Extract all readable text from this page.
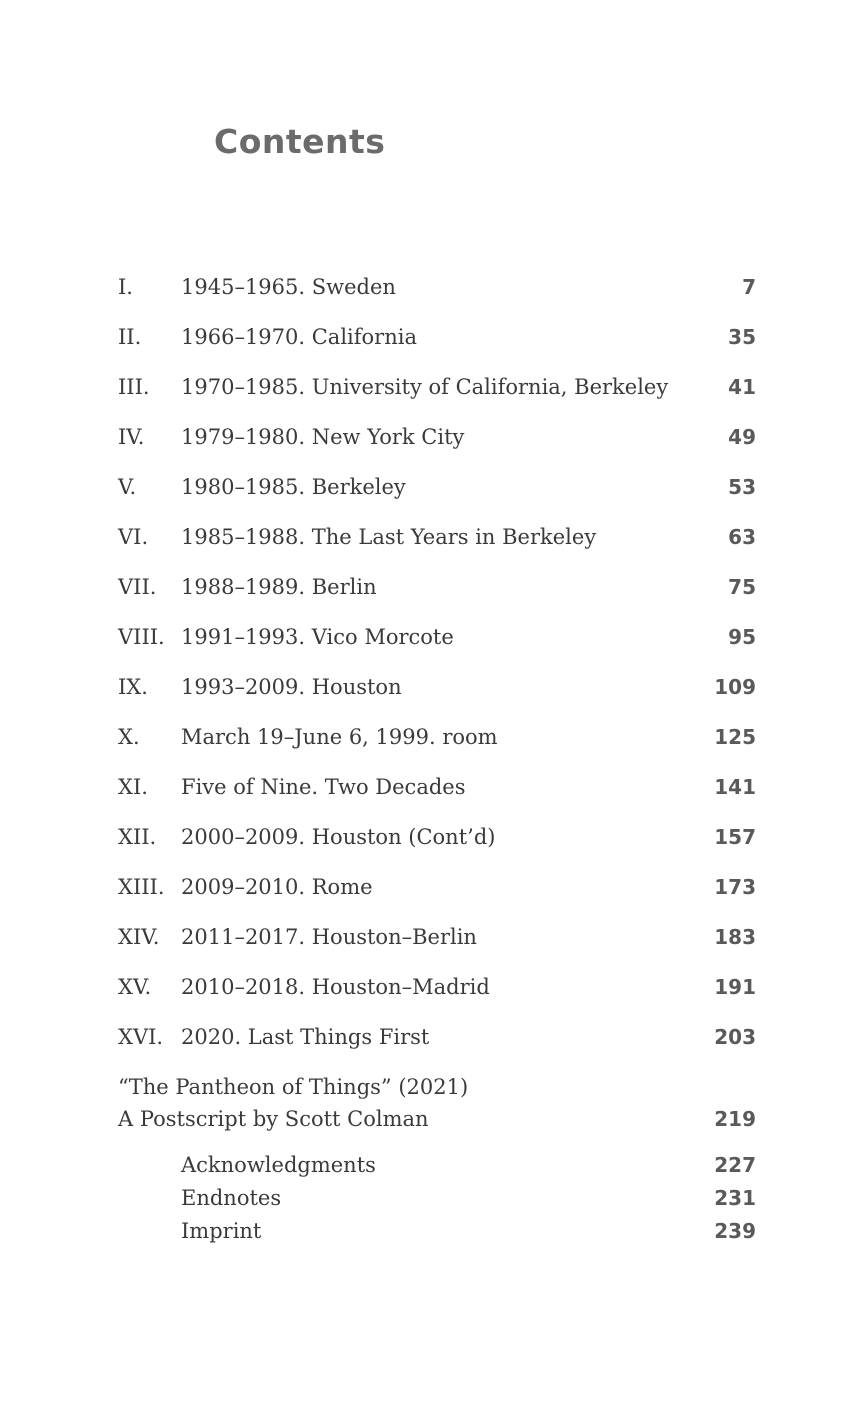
Contents
I. 1945–1965. Sweden	7
II. 1966–1970. California	35
III. 1970–1985. University of California, Berkeley	41
IV. 1979–1980. New York City	49
V. 1980–1985. Berkeley	53
VI. 1985–1988. The Last Years in Berkeley	63
VII. 1988–1989. Berlin	75
VIII. 1991–1993. Vico Morcote	95
IX. 1993–2009. Houston	109
X. March 19–June 6, 1999. room	125
XI. Five of Nine. Two Decades	141
XII. 2000–2009. Houston (Cont’d)	157
XIII. 2009–2010. Rome	173
XIV. 2011–2017. Houston–Berlin	183
XV. 2010–2018. Houston–Madrid	191
XVI. 2020. Last Things First	203
“The Pantheon of Things” (2021)
A Postscript by Scott Colman	219
Acknowledgments	227
Endnotes	231
Imprint	239
